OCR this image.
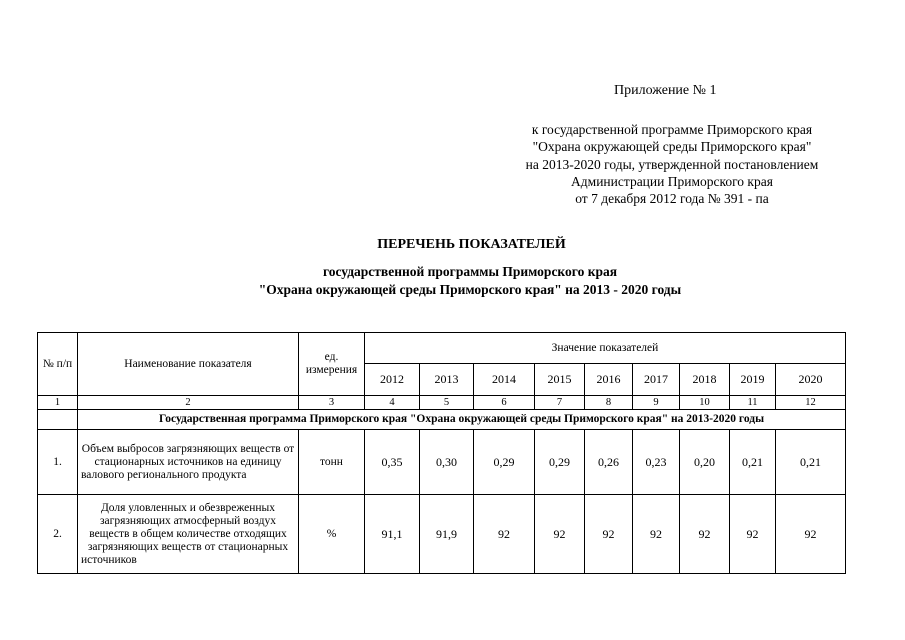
Приложение № 1
к государственной программе Приморского края
"Охрана окружающей среды Приморского края"
на 2013-2020 годы, утвержденной постановлением
Администрации Приморского края
от 7 декабря 2012 года № 391 - па
ПЕРЕЧЕНЬ ПОКАЗАТЕЛЕЙ
государственной программы Приморского края
"Охрана окружающей среды Приморского края" на 2013 - 2020 годы
№ п/п	Наименование показателя	ед. измерения	Значение показателей								
			2012	2013	2014	2015	2016	2017	2018	2019	2020
1	2	3	4	5	6	7	8	9	10	11	12
	Государственная программа Приморского края "Охрана окружающей среды Приморского края" на 2013-2020 годы										
1.	Объем выбросов загрязняющих веществ от стационарных источников на единицу валового регионального продукта	тонн	0,35	0,30	0,29	0,29	0,26	0,23	0,20	0,21	0,21
2.	Доля уловленных и обезвреженных загрязняющих атмосферный воздух веществ в общем количестве отходящих загрязняющих веществ от стационарных источников	%	91,1	91,9	92	92	92	92	92	92	92
